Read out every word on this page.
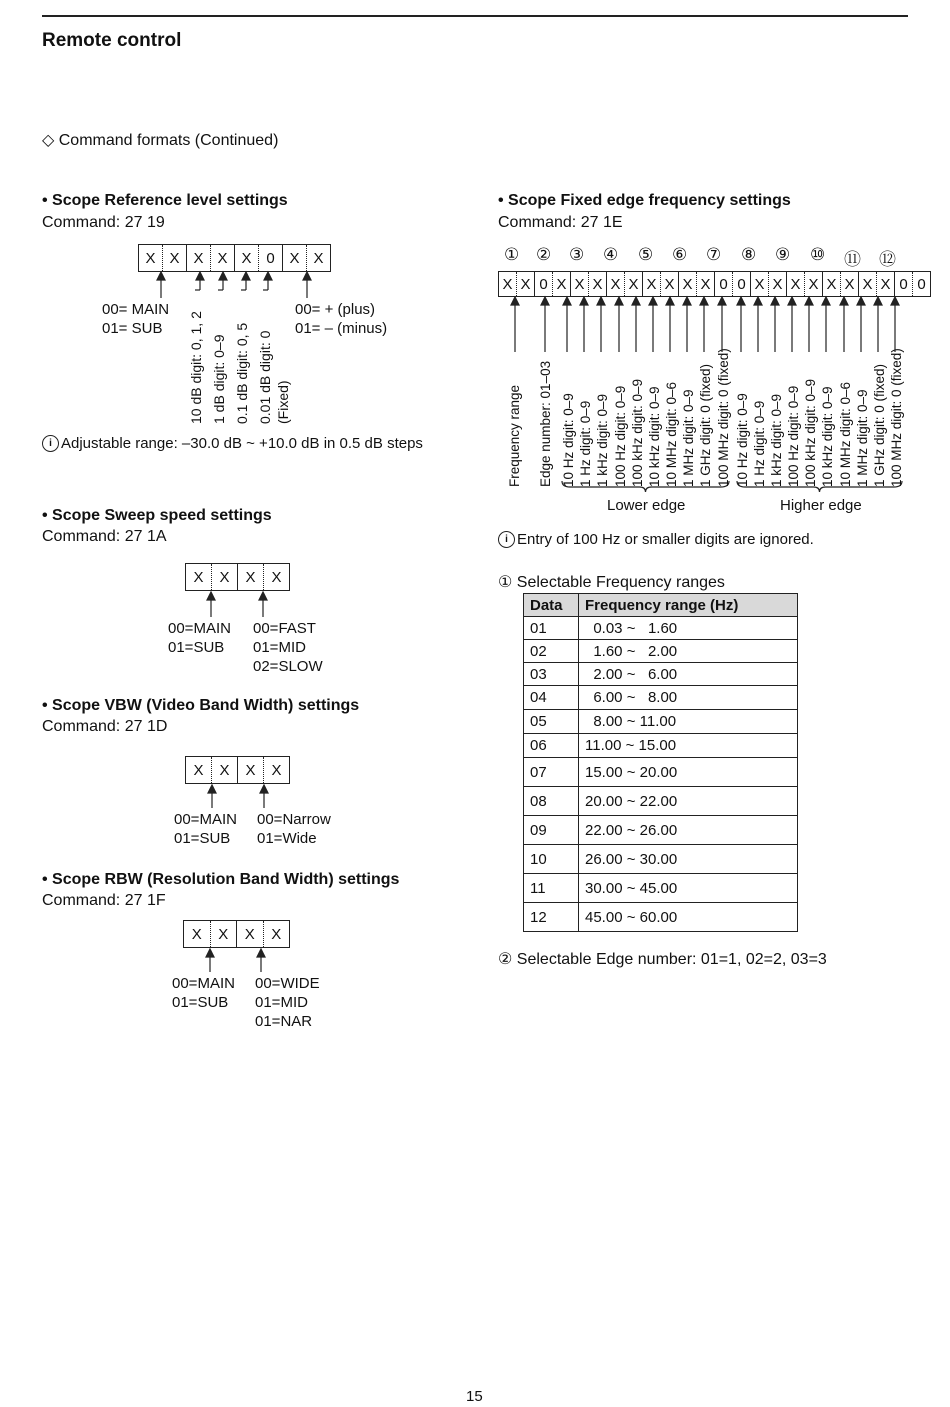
Remote control
◇ Command formats (Continued)
• Scope Reference level settings
Command: 27 19
X X X X X 0 X X
00= MAIN
01= SUB
00= + (plus)
01= – (minus)
10 dB digit: 0, 1, 2 1 dB digit: 0–9 0.1 dB digit: 0, 5 0.01 dB digit: 0 (Fixed)
i Adjustable range: –30.0 dB ~ +10.0 dB in 0.5 dB steps
• Scope Sweep speed settings
Command: 27 1A
X	X	X	X
00=MAIN
01=SUB
00=FAST
01=MID
02=SLOW
• Scope VBW (Video Band Width) settings
Command: 27 1D
X	X	X	X
00=MAIN
01=SUB
00=Narrow
01=Wide
• Scope RBW (Resolution Band Width) settings
Command: 27 1F
X	X	X	X
00=MAIN
01=SUB
00=WIDE
01=MID
01=NAR
• Scope Fixed edge frequency settings
Command: 27 1E
① ② ③ ④ ⑤ ⑥ ⑦ ⑧ ⑨ ⑩ ⑪ ⑫
X X 0 X X X X X X X X X 0 0 X X X X X X X X 0 0
Frequency range Edge number: 01–03 10 Hz digit: 0–9 1 Hz digit: 0–9 1 kHz digit: 0–9 100 Hz digit: 0–9 100 kHz digit: 0–9 10 kHz digit: 0–9 10 MHz digit: 0–6 1 MHz digit: 0–9 1 GHz digit: 0 (fixed) 100 MHz digit: 0 (fixed) 10 Hz digit: 0–9 1 Hz digit: 0–9 1 kHz digit: 0–9 100 Hz digit: 0–9 100 kHz digit: 0–9 10 kHz digit: 0–9 10 MHz digit: 0–6 1 MHz digit: 0–9 1 GHz digit: 0 (fixed) 100 MHz digit: 0 (fixed)
Lower edge	Higher edge
i Entry of 100 Hz or smaller digits are ignored.
① Selectable Frequency ranges
Data	Frequency range (Hz)
01	0.03 ~   1.60
02	1.60 ~   2.00
03	2.00 ~   6.00
04	6.00 ~   8.00
05	8.00 ~ 11.00
06	11.00 ~ 15.00
07	15.00 ~ 20.00
08	20.00 ~ 22.00
09	22.00 ~ 26.00
10	26.00 ~ 30.00
11	30.00 ~ 45.00
12	45.00 ~ 60.00
② Selectable Edge number: 01=1, 02=2, 03=3
15
